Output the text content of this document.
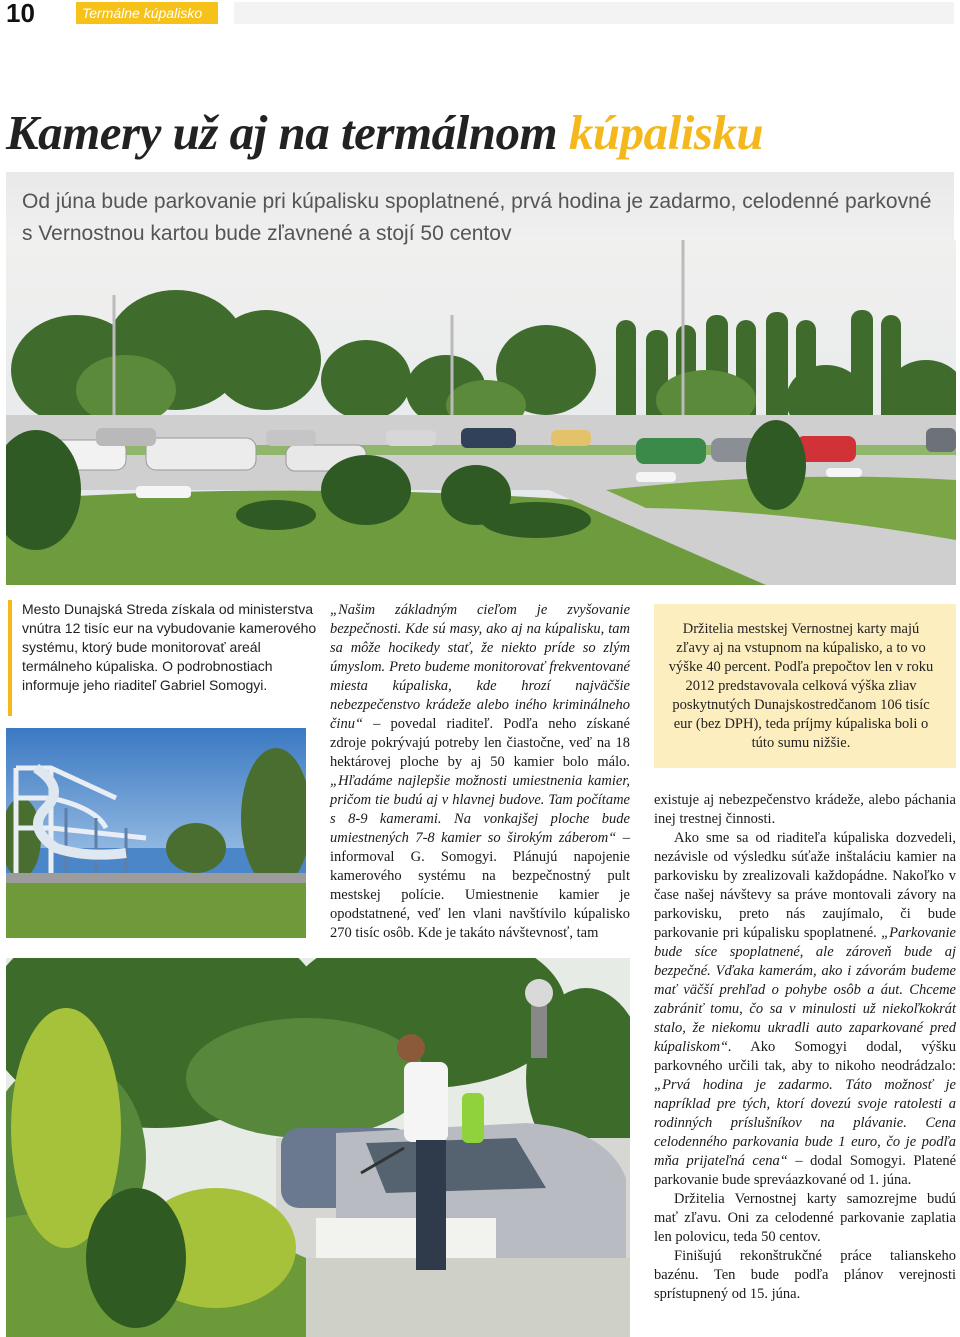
10	Termálne kúpalisko
Kamery už aj na termálnom kúpalisku
Od júna bude parkovanie pri kúpalisku spoplatnené, prvá hodina je zadarmo, celodenné parkovné s Vernostnou kartou bude zľavnené a stojí 50 centov
Mesto Dunajská Streda získala od ministerstva vnútra 12 tisíc eur na vybudovanie kamerového systému, ktorý bude monitorovať areál termálneho kúpaliska. O podrobnostiach informuje jeho riaditeľ Gabriel Somogyi.

„Našim základným cieľom je zvyšovanie bezpečnosti. Kde sú masy, ako aj na kúpalisku, tam sa môže hocikedy stať, že niekto príde so zlým úmyslom. Preto budeme monitorovať frekventované miesta kúpaliska, kde hrozí najväčšie nebezpečenstvo krádeže alebo iného kriminálneho činu“ – povedal riaditeľ. Podľa neho získané zdroje pokrývajú potreby len čiastočne, veď na 18 hektárovej ploche by aj 50 kamier bolo málo. „Hľadáme najlepšie možnosti umiestnenia kamier, pričom tie budú aj v hlavnej budove. Tam počítame s 8-9 kamerami. Na vonkajšej ploche bude umiestnených 7-8 kamier so širokým záberom“ – informoval G. Somogyi. Plánujú napojenie kamerového systému na bezpečnostný pult mestskej polície. Umiestnenie kamier je opodstatnené, veď len vlani navštívilo kúpalisko 270 tisíc osôb. Kde je takáto návštevnosť, tam

Držitelia mestskej Vernostnej karty majú zľavy aj na vstupnom na kúpalisko, a to vo výške 40 percent. Podľa prepočtov len v roku 2012 predstavovala celková výška zliav poskytnutých Dunajskostredčanom 106 tisíc eur (bez DPH), teda príjmy kúpaliska boli o túto sumu nižšie.

existuje aj nebezpečenstvo krádeže, alebo páchania inej trestnej činnosti.

Ako sme sa od riaditeľa kúpaliska dozvedeli, nezávisle od výsledku súťaže inštaláciu kamier na parkovisku by zrealizovali každopádne. Nakoľko v čase našej návštevy sa práve montovali závory na parkovisku, preto nás zaujímalo, či bude parkovanie pri kúpalisku spoplatnené. „Parkovanie bude síce spoplatnené, ale zároveň bude aj bezpečné. Vďaka kamerám, ako i závorám budeme mať väčší prehľad o pohybe osôb a áut. Chceme zabrániť tomu, čo sa v minulosti už niekoľkokrát stalo, že niekomu ukradli auto zaparkované pred kúpaliskom“. Ako Somogyi dodal, výšku parkovného určili tak, aby to nikoho neodrádzalo: „Prvá hodina je zadarmo. Táto možnosť je napríklad pre tých, ktorí dovezú svoje ratolesti a rodinných príslušníkov na plávanie. Cena celodenného parkovania bude 1 euro, čo je podľa mňa prijateľná cena“ – dodal Somogyi. Platené parkovanie bude spreváazkované od 1. júna.

Držitelia Vernostnej karty samozrejme budú mať zľavu. Oni za celodenné parkovanie zaplatia len polovicu, teda 50 centov.

Finišujú rekonštrukčné práce talianskeho bazénu. Ten bude podľa plánov verejnosti sprístupnený od 15. júna.
